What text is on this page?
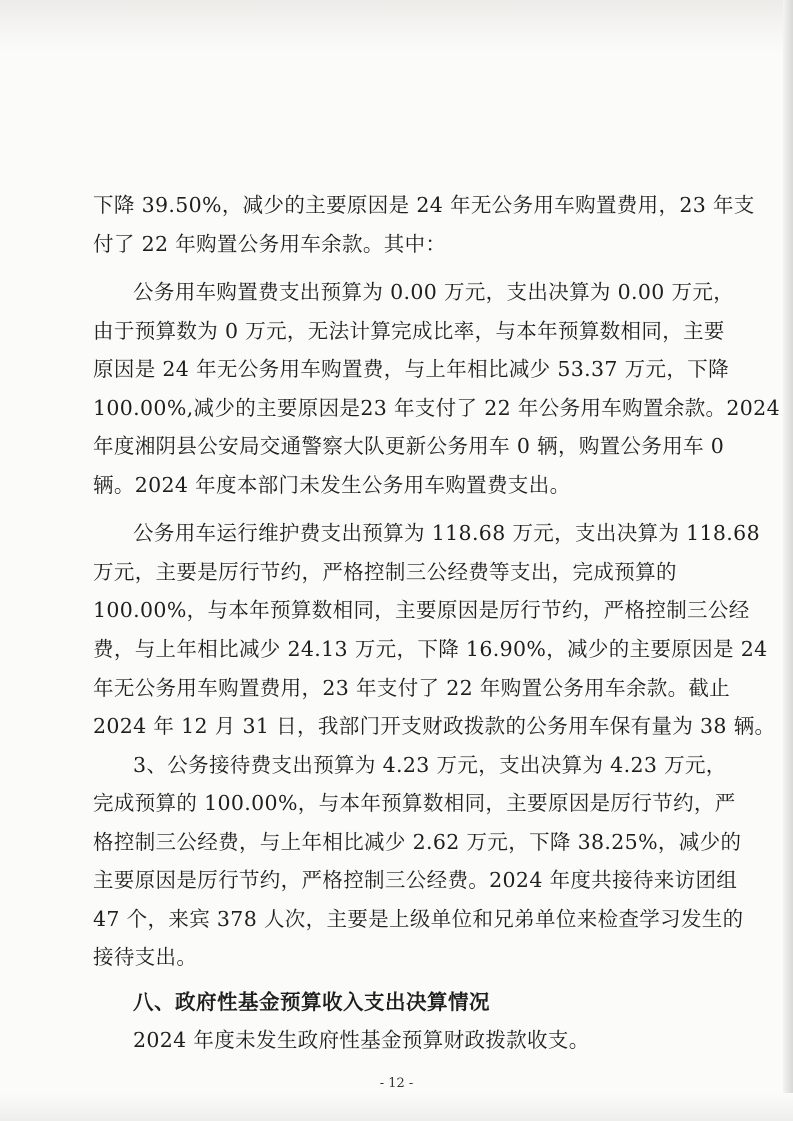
下降 39.50%，减少的主要原因是 24 年无公务用车购置费用，23 年支
付了 22 年购置公务用车余款。其中：
公务用车购置费支出预算为 0.00 万元，支出决算为 0.00 万元，
由于预算数为 0 万元，无法计算完成比率，与本年预算数相同，主要
原因是 24 年无公务用车购置费，与上年相比减少 53.37 万元，下降
100.00%,减少的主要原因是23 年支付了 22 年公务用车购置余款。2024
年度湘阴县公安局交通警察大队更新公务用车 0 辆，购置公务用车 0
辆。2024 年度本部门未发生公务用车购置费支出。
公务用车运行维护费支出预算为 118.68 万元，支出决算为 118.68
万元，主要是厉行节约，严格控制三公经费等支出，完成预算的
100.00%，与本年预算数相同，主要原因是厉行节约，严格控制三公经
费，与上年相比减少 24.13 万元，下降 16.90%，减少的主要原因是 24
年无公务用车购置费用，23 年支付了 22 年购置公务用车余款。截止
2024 年 12 月 31 日，我部门开支财政拨款的公务用车保有量为 38 辆。
3、公务接待费支出预算为 4.23 万元，支出决算为 4.23 万元，
完成预算的 100.00%，与本年预算数相同，主要原因是厉行节约，严
格控制三公经费，与上年相比减少 2.62 万元，下降 38.25%，减少的
主要原因是厉行节约，严格控制三公经费。2024 年度共接待来访团组
47 个，来宾 378 人次，主要是上级单位和兄弟单位来检查学习发生的
接待支出。
八、政府性基金预算收入支出决算情况
2024 年度未发生政府性基金预算财政拨款收支。
- 12 -
